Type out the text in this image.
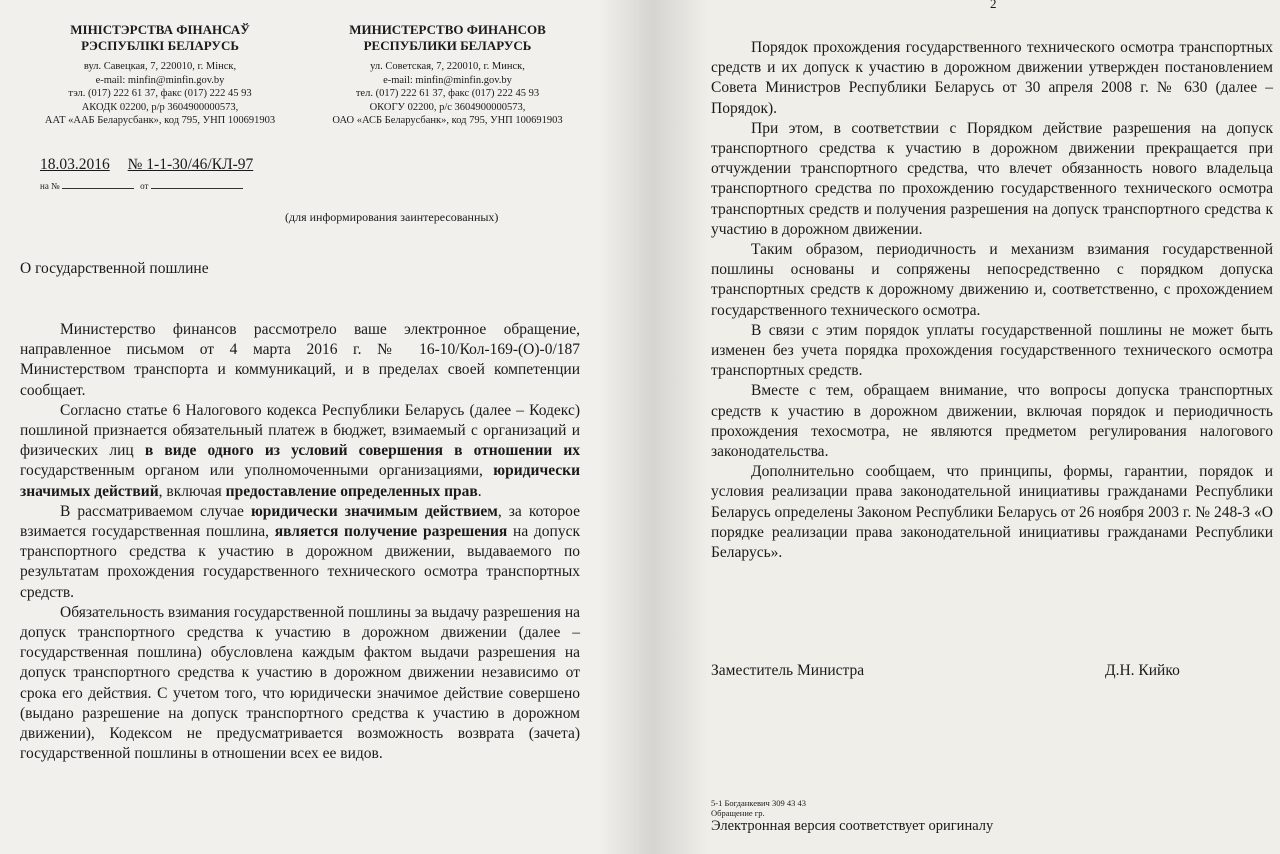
МІНІСТЭРСТВА ФІНАНСАЎ
РЭСПУБЛІКІ БЕЛАРУСЬ
вул. Савецкая, 7, 220010, г. Мінск,
e-mail: minfin@minfin.gov.by
тэл. (017) 222 61 37, факс (017) 222 45 93
АКОДК 02200, р/р 3604900000573,
ААТ «ААБ Беларусбанк», код 795, УНП 100691903
МИНИСТЕРСТВО ФИНАНСОВ
РЕСПУБЛИКИ БЕЛАРУСЬ
ул. Советская, 7, 220010, г. Минск,
e-mail: minfin@minfin.gov.by
тел. (017) 222 61 37, факс (017) 222 45 93
ОКОГУ 02200, р/с 3604900000573,
ОАО «АСБ Беларусбанк», код 795, УНП 100691903
18.03.2016 № 1-1-30/46/КЛ-97
на №	от
(для информирования заинтересованных)
О государственной пошлине

Министерство финансов рассмотрело ваше электронное обращение, направленное письмом от 4 марта 2016 г. № 16-10/Кол-169-(О)-0/187 Министерством транспорта и коммуникаций, и в пределах своей компетенции сообщает.

Согласно статье 6 Налогового кодекса Республики Беларусь (далее – Кодекс) пошлиной признается обязательный платеж в бюджет, взимаемый с организаций и физических лиц в виде одного из условий совершения в отношении их государственным органом или уполномоченными организациями, юридически значимых действий, включая предоставление определенных прав.

В рассматриваемом случае юридически значимым действием, за которое взимается государственная пошлина, является получение разрешения на допуск транспортного средства к участию в дорожном движении, выдаваемого по результатам прохождения государственного технического осмотра транспортных средств.

Обязательность взимания государственной пошлины за выдачу разрешения на допуск транспортного средства к участию в дорожном движении (далее – государственная пошлина) обусловлена каждым фактом выдачи разрешения на допуск транспортного средства к участию в дорожном движении независимо от срока его действия. С учетом того, что юридически значимое действие совершено (выдано разрешение на допуск транспортного средства к участию в дорожном движении), Кодексом не предусматривается возможность возврата (зачета) государственной пошлины в отношении всех ее видов.

2

Порядок прохождения государственного технического осмотра транспортных средств и их допуск к участию в дорожном движении утвержден постановлением Совета Министров Республики Беларусь от 30 апреля 2008 г. № 630 (далее – Порядок).

При этом, в соответствии с Порядком действие разрешения на допуск транспортного средства к участию в дорожном движении прекращается при отчуждении транспортного средства, что влечет обязанность нового владельца транспортного средства по прохождению государственного технического осмотра транспортных средств и получения разрешения на допуск транспортного средства к участию в дорожном движении.

Таким образом, периодичность и механизм взимания государственной пошлины основаны и сопряжены непосредственно с порядком допуска транспортных средств к дорожному движению и, соответственно, с прохождением государственного технического осмотра.

В связи с этим порядок уплаты государственной пошлины не может быть изменен без учета порядка прохождения государственного технического осмотра транспортных средств.

Вместе с тем, обращаем внимание, что вопросы допуска транспортных средств к участию в дорожном движении, включая порядок и периодичность прохождения техосмотра, не являются предметом регулирования налогового законодательства.

Дополнительно сообщаем, что принципы, формы, гарантии, порядок и условия реализации права законодательной инициативы гражданами Республики Беларусь определены Законом Республики Беларусь от 26 ноября 2003 г. № 248-З «О порядке реализации права законодательной инициативы гражданами Республики Беларусь».

Заместитель Министра	Д.Н. Кийко
5-1 Богданкевич 309 43 43
Обращение гр.
Электронная версия соответствует оригиналу
